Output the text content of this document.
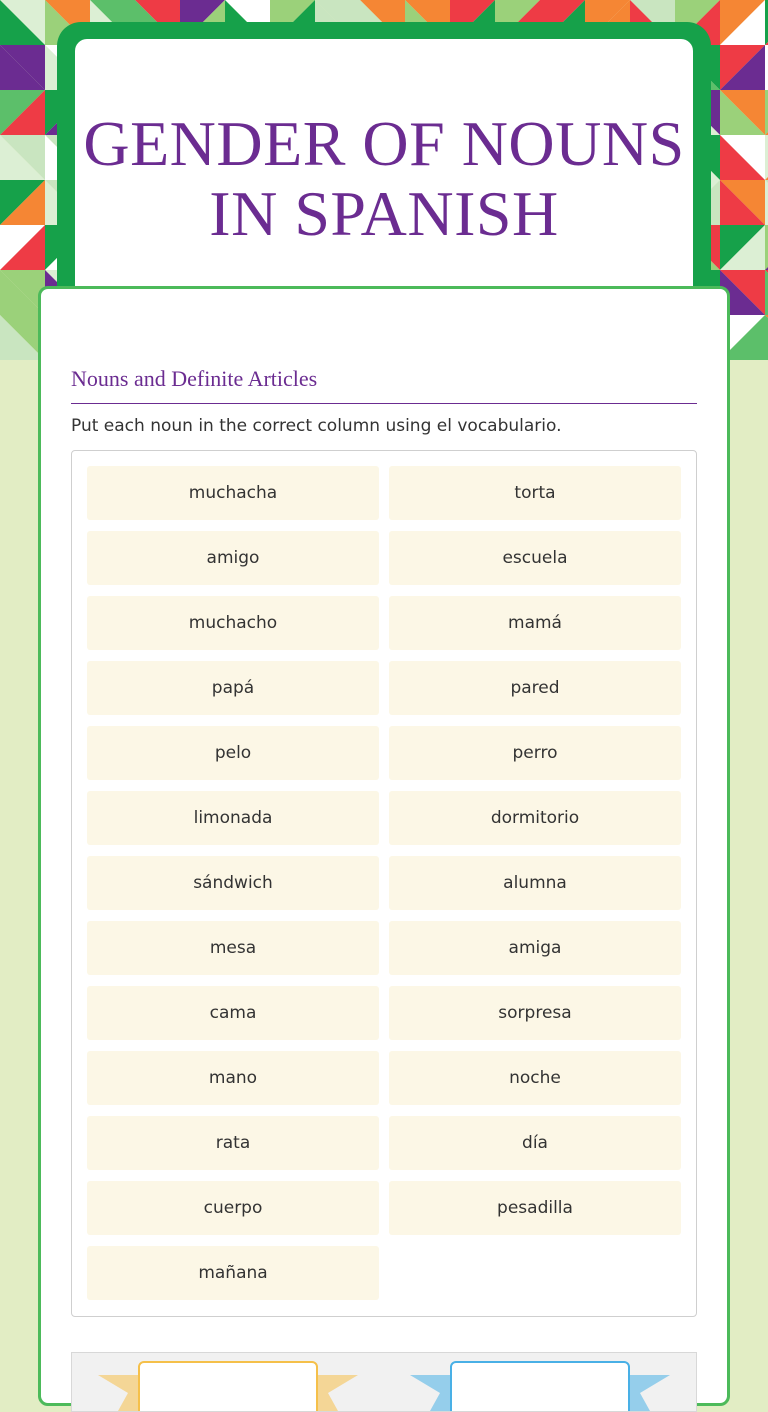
GENDER OF NOUNS IN SPANISH
Nouns and Definite Articles

Put each noun in the correct column using el vocabulario.

muchacha	torta
amigo	escuela
muchacho	mamá
papá	pared
pelo	perro
limonada	dormitorio
sándwich	alumna
mesa	amiga
cama	sorpresa
mano	noche
rata	día
cuerpo	pesadilla
mañana
